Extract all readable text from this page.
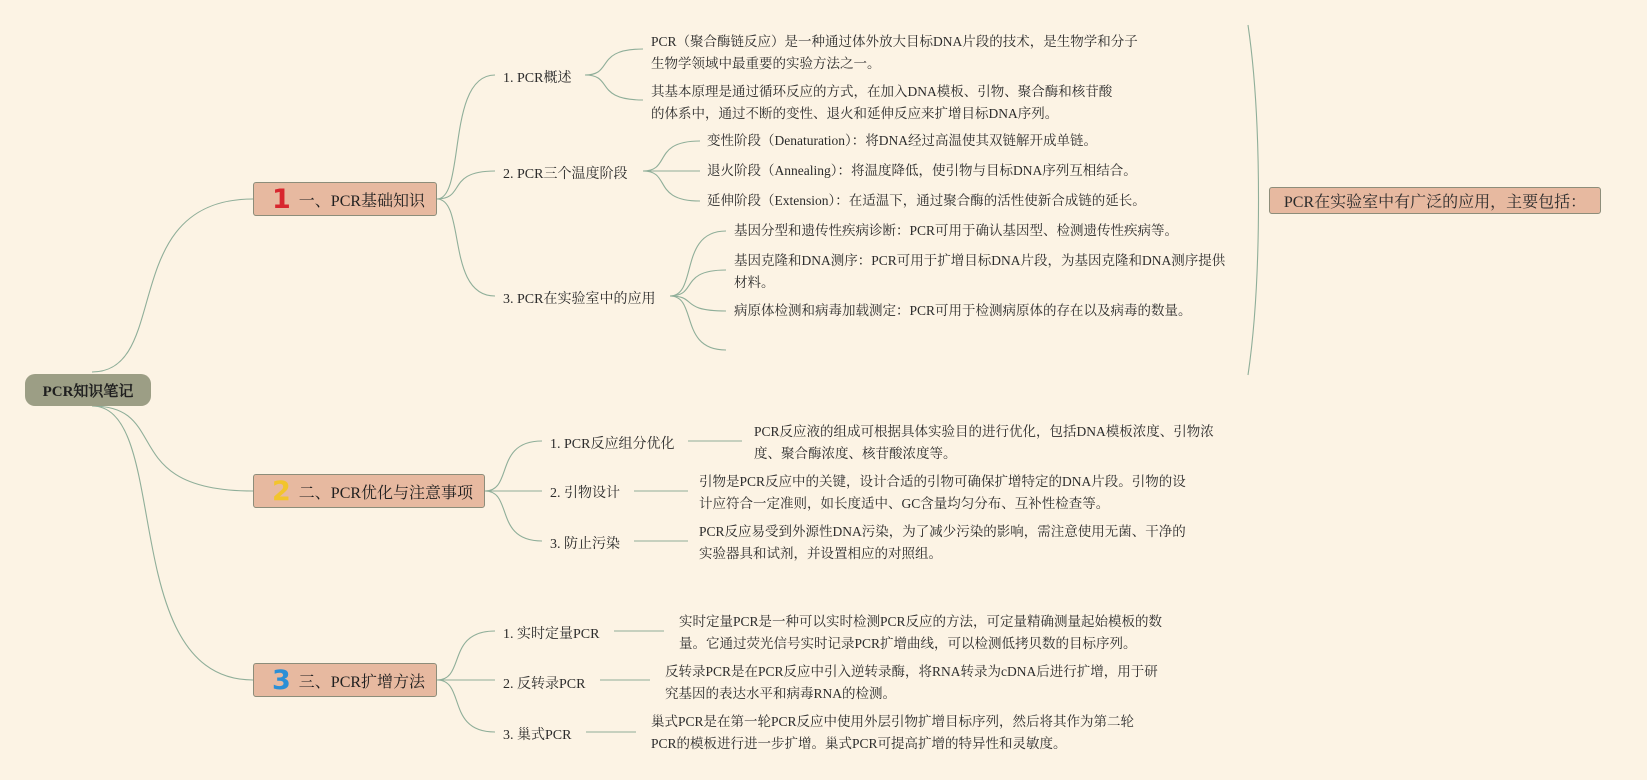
PCR知识笔记
1 一、PCR基础知识
1. PCR概述
2. PCR三个温度阶段
3. PCR在实验室中的应用
PCR（聚合酶链反应）是一种通过体外放大目标DNA片段的技术，是生物学和分子生物学领域中最重要的实验方法之一。
其基本原理是通过循环反应的方式，在加入DNA模板、引物、聚合酶和核苷酸的体系中，通过不断的变性、退火和延伸反应来扩增目标DNA序列。
变性阶段（Denaturation）：将DNA经过高温使其双链解开成单链。
退火阶段（Annealing）：将温度降低，使引物与目标DNA序列互相结合。
延伸阶段（Extension）：在适温下，通过聚合酶的活性使新合成链的延长。
基因分型和遗传性疾病诊断：PCR可用于确认基因型、检测遗传性疾病等。
基因克隆和DNA测序：PCR可用于扩增目标DNA片段，为基因克隆和DNA测序提供材料。
病原体检测和病毒加载测定：PCR可用于检测病原体的存在以及病毒的数量。
PCR在实验室中有广泛的应用，主要包括：
2 二、PCR优化与注意事项
1. PCR反应组分优化
2. 引物设计
3. 防止污染
PCR反应液的组成可根据具体实验目的进行优化，包括DNA模板浓度、引物浓度、聚合酶浓度、核苷酸浓度等。
引物是PCR反应中的关键，设计合适的引物可确保扩增特定的DNA片段。引物的设计应符合一定准则，如长度适中、GC含量均匀分布、互补性检查等。
PCR反应易受到外源性DNA污染，为了减少污染的影响，需注意使用无菌、干净的实验器具和试剂，并设置相应的对照组。
3 三、PCR扩增方法
1. 实时定量PCR
2. 反转录PCR
3. 巢式PCR
实时定量PCR是一种可以实时检测PCR反应的方法，可定量精确测量起始模板的数量。它通过荧光信号实时记录PCR扩增曲线，可以检测低拷贝数的目标序列。
反转录PCR是在PCR反应中引入逆转录酶，将RNA转录为cDNA后进行扩增，用于研究基因的表达水平和病毒RNA的检测。
巢式PCR是在第一轮PCR反应中使用外层引物扩增目标序列，然后将其作为第二轮PCR的模板进行进一步扩增。巢式PCR可提高扩增的特异性和灵敏度。
